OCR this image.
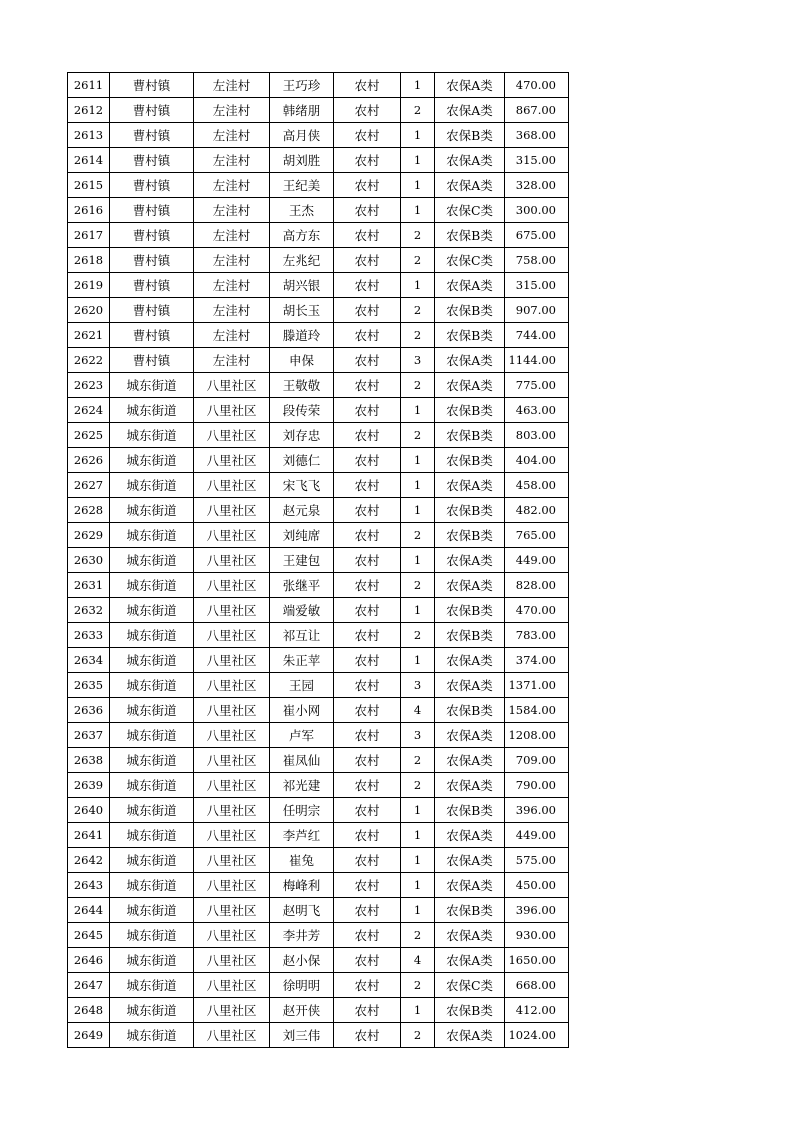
2611	曹村镇	左洼村	王巧珍	农村	1	农保A类	470.00
2612	曹村镇	左洼村	韩绪朋	农村	2	农保A类	867.00
2613	曹村镇	左洼村	高月侠	农村	1	农保B类	368.00
2614	曹村镇	左洼村	胡刘胜	农村	1	农保A类	315.00
2615	曹村镇	左洼村	王纪美	农村	1	农保A类	328.00
2616	曹村镇	左洼村	王杰	农村	1	农保C类	300.00
2617	曹村镇	左洼村	高方东	农村	2	农保B类	675.00
2618	曹村镇	左洼村	左兆纪	农村	2	农保C类	758.00
2619	曹村镇	左洼村	胡兴银	农村	1	农保A类	315.00
2620	曹村镇	左洼村	胡长玉	农村	2	农保B类	907.00
2621	曹村镇	左洼村	滕道玲	农村	2	农保B类	744.00
2622	曹村镇	左洼村	申保	农村	3	农保A类	1144.00
2623	城东街道	八里社区	王敬敬	农村	2	农保A类	775.00
2624	城东街道	八里社区	段传荣	农村	1	农保B类	463.00
2625	城东街道	八里社区	刘存忠	农村	2	农保B类	803.00
2626	城东街道	八里社区	刘德仁	农村	1	农保B类	404.00
2627	城东街道	八里社区	宋飞飞	农村	1	农保A类	458.00
2628	城东街道	八里社区	赵元泉	农村	1	农保B类	482.00
2629	城东街道	八里社区	刘纯席	农村	2	农保B类	765.00
2630	城东街道	八里社区	王建包	农村	1	农保A类	449.00
2631	城东街道	八里社区	张继平	农村	2	农保A类	828.00
2632	城东街道	八里社区	端爱敏	农村	1	农保B类	470.00
2633	城东街道	八里社区	祁互让	农村	2	农保B类	783.00
2634	城东街道	八里社区	朱正苹	农村	1	农保A类	374.00
2635	城东街道	八里社区	王园	农村	3	农保A类	1371.00
2636	城东街道	八里社区	崔小网	农村	4	农保B类	1584.00
2637	城东街道	八里社区	卢军	农村	3	农保A类	1208.00
2638	城东街道	八里社区	崔凤仙	农村	2	农保A类	709.00
2639	城东街道	八里社区	祁光建	农村	2	农保A类	790.00
2640	城东街道	八里社区	任明宗	农村	1	农保B类	396.00
2641	城东街道	八里社区	李芦红	农村	1	农保A类	449.00
2642	城东街道	八里社区	崔兔	农村	1	农保A类	575.00
2643	城东街道	八里社区	梅峰利	农村	1	农保A类	450.00
2644	城东街道	八里社区	赵明飞	农村	1	农保B类	396.00
2645	城东街道	八里社区	李井芳	农村	2	农保A类	930.00
2646	城东街道	八里社区	赵小保	农村	4	农保A类	1650.00
2647	城东街道	八里社区	徐明明	农村	2	农保C类	668.00
2648	城东街道	八里社区	赵开侠	农村	1	农保B类	412.00
2649	城东街道	八里社区	刘三伟	农村	2	农保A类	1024.00
